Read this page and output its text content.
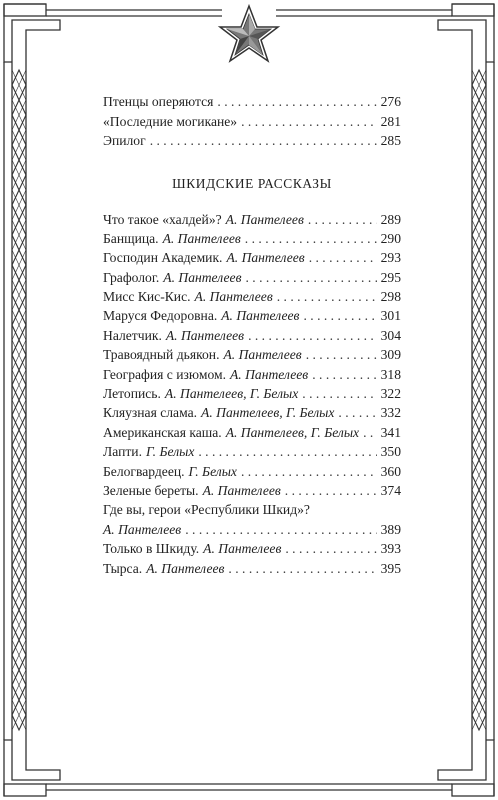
Птенцы оперяются . . .	276
«Последние могикане» . . .	281
Эпилог . . .	285
ШКИДСКИЕ РАССКАЗЫ
Что такое «халдей»? А. Пантелеев . . .	289
Банщица. А. Пантелеев . . .	290
Господин Академик. А. Пантелеев . . .	293
Графолог. А. Пантелеев . . .	295
Мисс Кис-Кис. А. Пантелеев . . .	298
Маруся Федоровна. А. Пантелеев . . .	301
Налетчик. А. Пантелеев . . .	304
Травоядный дьякон. А. Пантелеев . . .	309
География с изюмом. А. Пантелеев . . .	318
Летопись. А. Пантелеев, Г. Белых . . .	322
Кляузная слама. А. Пантелеев, Г. Белых . . .	332
Американская каша. А. Пантелеев, Г. Белых . . . 341
Лапти. Г. Белых . . .	350
Белогвардеец. Г. Белых . . .	360
Зеленые береты. А. Пантелеев . . .	374
Где вы, герои «Республики Шкид»?
А. Пантелеев . . .	389
Только в Шкиду. А. Пантелеев . . .	393
Тырса. А. Пантелеев . . .	395
